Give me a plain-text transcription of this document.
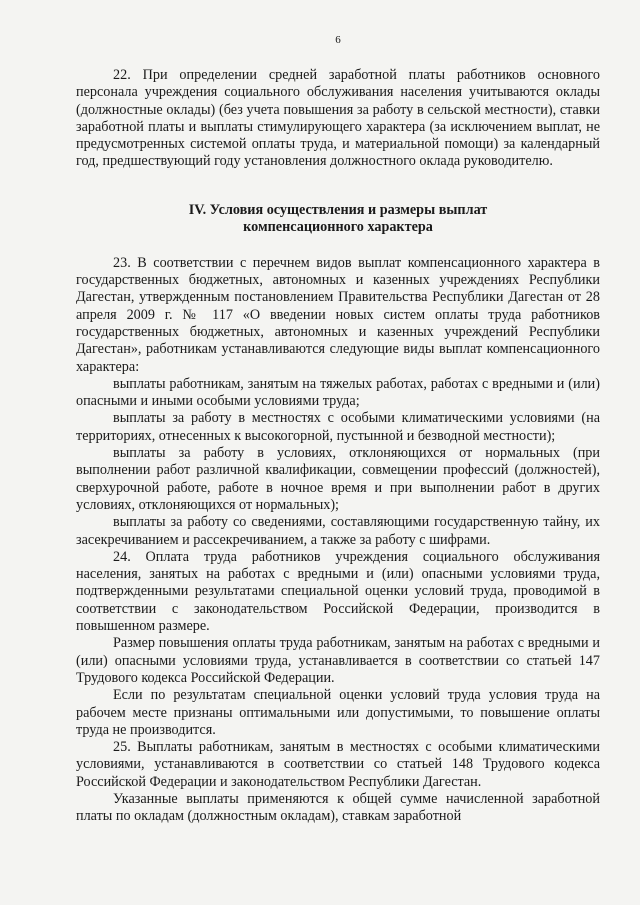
6

22. При определении средней заработной платы работников основного персонала учреждения социального обслуживания населения учитываются оклады (должностные оклады) (без учета повышения за работу в сельской местности), ставки заработной платы и выплаты стимулирующего характера (за исключением выплат, не предусмотренных системой оплаты труда, и материальной помощи) за календарный год, предшествующий году установления должностного оклада руководителю.

IV. Условия осуществления и размеры выплат
компенсационного характера

23. В соответствии с перечнем видов выплат компенсационного характера в государственных бюджетных, автономных и казенных учреждениях Республики Дагестан, утвержденным постановлением Правительства Республики Дагестан от 28 апреля 2009 г. № 117 «О введении новых систем оплаты труда работников государственных бюджетных, автономных и казенных учреждений Республики Дагестан», работникам устанавливаются следующие виды выплат компенсационного характера:

выплаты работникам, занятым на тяжелых работах, работах с вредными и (или) опасными и иными особыми условиями труда;

выплаты за работу в местностях с особыми климатическими условиями (на территориях, отнесенных к высокогорной, пустынной и безводной местности);

выплаты за работу в условиях, отклоняющихся от нормальных (при выполнении работ различной квалификации, совмещении профессий (должностей), сверхурочной работе, работе в ночное время и при выполнении работ в других условиях, отклоняющихся от нормальных);

выплаты за работу со сведениями, составляющими государственную тайну, их засекречиванием и рассекречиванием, а также за работу с шифрами.

24. Оплата труда работников учреждения социального обслуживания населения, занятых на работах с вредными и (или) опасными условиями труда, подтвержденными результатами специальной оценки условий труда, проводимой в соответствии с законодательством Российской Федерации, производится в повышенном размере.

Размер повышения оплаты труда работникам, занятым на работах с вредными и (или) опасными условиями труда, устанавливается в соответствии со статьей 147 Трудового кодекса Российской Федерации.

Если по результатам специальной оценки условий труда условия труда на рабочем месте признаны оптимальными или допустимыми, то повышение оплаты труда не производится.

25. Выплаты работникам, занятым в местностях с особыми климатическими условиями, устанавливаются в соответствии со статьей 148 Трудового кодекса Российской Федерации и законодательством Республики Дагестан.

Указанные выплаты применяются к общей сумме начисленной заработной платы по окладам (должностным окладам), ставкам заработной
